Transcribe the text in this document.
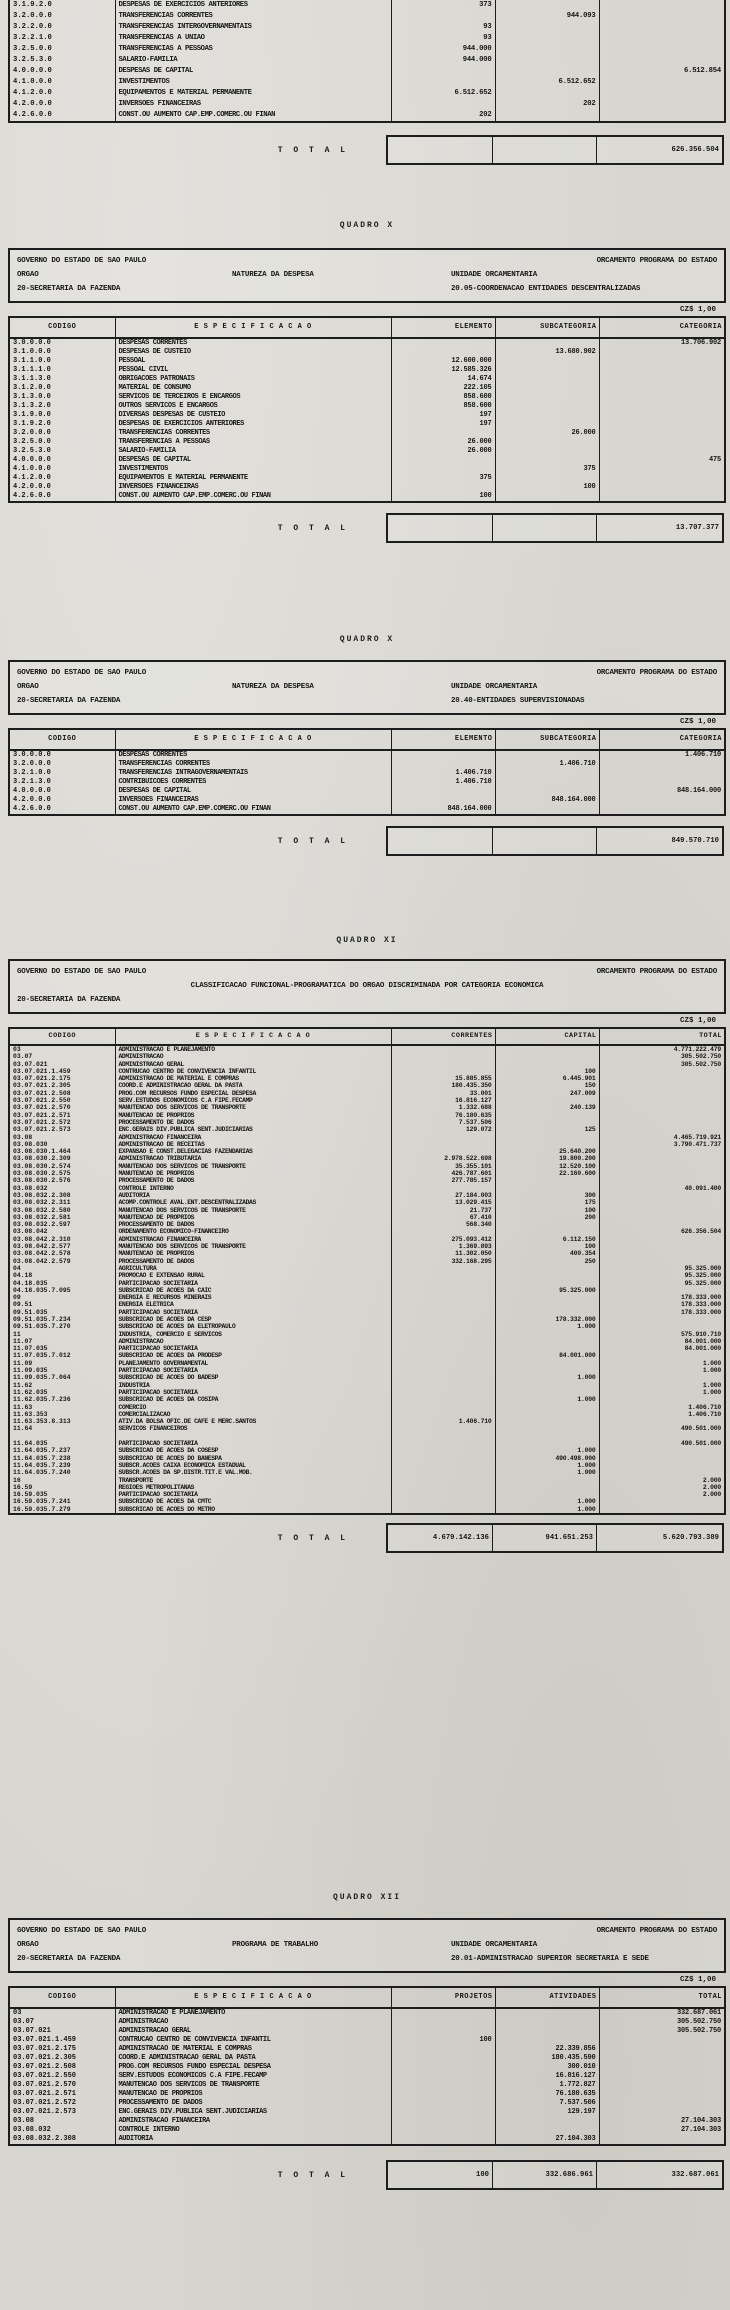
3.1.9.2.0	DESPESAS DE EXERCICIOS ANTERIORES	373		
3.2.0.0.0	TRANSFERENCIAS CORRENTES		944.093	
3.2.2.0.0	TRANSFERENCIAS INTERGOVERNAMENTAIS	93		
3.2.2.1.0	TRANSFERENCIAS A UNIAO	93		
3.2.5.0.0	TRANSFERENCIAS A PESSOAS	944.000		
3.2.5.3.0	SALARIO-FAMILIA	944.000		
4.0.0.0.0	DESPESAS DE CAPITAL			6.512.854
4.1.0.0.0	INVESTIMENTOS		6.512.652	
4.1.2.0.0	EQUIPAMENTOS E MATERIAL PERMANENTE	6.512.652		
4.2.0.0.0	INVERSOES FINANCEIRAS		202	
4.2.6.0.0	CONST.OU AUMENTO CAP.EMP.COMERC.OU FINAN	202		
T O T A L	626.356.504
QUADRO X
GOVERNO DO ESTADO DE SAO PAULO	ORCAMENTO PROGRAMA DO ESTADO
ORGAO	NATUREZA DA DESPESA	UNIDADE ORCAMENTARIA
20-SECRETARIA DA FAZENDA	20.05-COORDENACAO ENTIDADES DESCENTRALIZADAS
CZ$ 1,00
CODIGO	E S P E C I F I C A C A O	ELEMENTO	SUBCATEGORIA	CATEGORIA
3.0.0.0.0	DESPESAS CORRENTES			13.706.902
3.1.0.0.0	DESPESAS DE CUSTEIO		13.680.902	
3.1.1.0.0	PESSOAL	12.600.000		
3.1.1.1.0	PESSOAL CIVIL	12.585.326		
3.1.1.3.0	OBRIGACOES PATRONAIS	14.674		
3.1.2.0.0	MATERIAL DE CONSUMO	222.105		
3.1.3.0.0	SERVICOS DE TERCEIROS E ENCARGOS	858.600		
3.1.3.2.0	OUTROS SERVICOS E ENCARGOS	858.600		
3.1.9.0.0	DIVERSAS DESPESAS DE CUSTEIO	197		
3.1.9.2.0	DESPESAS DE EXERCICIOS ANTERIORES	197		
3.2.0.0.0	TRANSFERENCIAS CORRENTES		26.000	
3.2.5.0.0	TRANSFERENCIAS A PESSOAS	26.000		
3.2.5.3.0	SALARIO-FAMILIA	26.000		
4.0.0.0.0	DESPESAS DE CAPITAL			475
4.1.0.0.0	INVESTIMENTOS		375	
4.1.2.0.0	EQUIPAMENTOS E MATERIAL PERMANENTE	375		
4.2.0.0.0	INVERSOES FINANCEIRAS		100	
4.2.6.0.0	CONST.OU AUMENTO CAP.EMP.COMERC.OU FINAN	100		
T O T A L	13.707.377
QUADRO X
GOVERNO DO ESTADO DE SAO PAULO	ORCAMENTO PROGRAMA DO ESTADO
ORGAO	NATUREZA DA DESPESA	UNIDADE ORCAMENTARIA
20-SECRETARIA DA FAZENDA	20.40-ENTIDADES SUPERVISIONADAS
CZ$ 1,00
CODIGO	E S P E C I F I C A C A O	ELEMENTO	SUBCATEGORIA	CATEGORIA
3.0.0.0.0	DESPESAS CORRENTES			1.406.710
3.2.0.0.0	TRANSFERENCIAS CORRENTES		1.406.710	
3.2.1.0.0	TRANSFERENCIAS INTRAGOVERNAMENTAIS	1.406.710		
3.2.1.3.0	CONTRIBUICOES CORRENTES	1.406.710		
4.0.0.0.0	DESPESAS DE CAPITAL			848.164.000
4.2.0.0.0	INVERSOES FINANCEIRAS		848.164.000	
4.2.6.0.0	CONST.OU AUMENTO CAP.EMP.COMERC.OU FINAN	848.164.000		
T O T A L	849.570.710
QUADRO XI
GOVERNO DO ESTADO DE SAO PAULO	ORCAMENTO PROGRAMA DO ESTADO
CLASSIFICACAO FUNCIONAL-PROGRAMATICA DO ORGAO DISCRIMINADA POR CATEGORIA ECONOMICA
20-SECRETARIA DA FAZENDA
CZ$ 1,00
CODIGO	E S P E C I F I C A C A O	CORRENTES	CAPITAL	TOTAL
03	ADMINISTRACAO E PLANEJAMENTO			4.771.222.479
03.07	ADMINISTRACAO			305.502.750
03.07.021	ADMINISTRACAO GERAL			305.502.750
03.07.021.1.459	CONTRUCAO CENTRO DE CONVIVENCIA INFANTIL		100	
03.07.021.2.175	ADMINISTRACAO DE MATERIAL E COMPRAS	15.885.855	6.445.901	
03.07.021.2.305	COORD.E ADMINISTRACAO GERAL DA PASTA	180.435.350	150	
03.07.021.2.508	PROG.COM RECURSOS FUNDO ESPECIAL DESPESA	33.001	247.009	
03.07.021.2.550	SERV.ESTUDOS ECONOMICOS C.A FIPE.FECAMP	16.816.127		
03.07.021.2.570	MANUTENCAO DOS SERVICOS DE TRANSPORTE	1.332.688	240.139	
03.07.021.2.571	MANUTENCAO DE PROPRIOS	76.180.635		
03.07.021.2.572	PROCESSAMENTO DE DADOS	7.537.506		
03.07.021.2.573	ENC.GERAIS DIV.PUBLICA SENT.JUDICIARIAS	129.072	125	
03.08	ADMINISTRACAO FINANCEIRA			4.465.719.921
03.08.030	ADMINISTRACAO DE RECEITAS			3.790.471.737
03.08.030.1.464	EXPANSAO E CONST.DELEGACIAS FAZENDARIAS		25.640.200	
03.08.030.2.309	ADMINISTRACAO TRIBUTARIA	2.978.522.698	19.800.200	
03.08.030.2.574	MANUTENCAO DOS SERVICOS DE TRANSPORTE	35.355.101	12.520.100	
03.08.030.2.575	MANUTENCAO DE PROPRIOS	426.787.601	22.160.600	
03.08.030.2.576	PROCESSAMENTO DE DADOS	277.785.157		
03.08.032	CONTROLE INTERNO			40.091.400
03.08.032.2.308	AUDITORIA	27.184.003	300	
03.08.032.2.311	ACOMP.CONTROLE AVAL.ENT.DESCENTRALIZADAS	13.029.415	175	
03.08.032.2.580	MANUTENCAO DOS SERVICOS DE TRANSPORTE	21.737	100	
03.08.032.2.581	MANUTENCAO DE PROPRIOS	67.410	200	
03.08.032.2.597	PROCESSAMENTO DE DADOS	568.340		
03.08.042	ORDENAMENTO ECONOMICO-FINANCEIRO			626.356.504
03.08.042.2.310	ADMINISTRACAO FINANCEIRA	275.093.412	6.112.150	
03.08.042.2.577	MANUTENCAO DOS SERVICOS DE TRANSPORTE	1.369.893	100	
03.08.042.2.578	MANUTENCAO DE PROPRIOS	11.302.050	400.354	
03.08.042.2.579	PROCESSAMENTO DE DADOS	332.168.295	250	
04	AGRICULTURA			95.325.000
04.18	PROMOCAO E EXTENSAO RURAL			95.325.000
04.18.035	PARTICIPACAO SOCIETARIA			95.325.000
04.18.035.7.095	SUBSCRICAO DE ACOES DA CAIC		95.325.000	
09	ENERGIA E RECURSOS MINERAIS			178.333.000
09.51	ENERGIA ELETRICA			178.333.000
09.51.035	PARTICIPACAO SOCIETARIA			178.333.000
09.51.035.7.234	SUBSCRICAO DE ACOES DA CESP		178.332.000	
09.51.035.7.270	SUBSCRICAO DE ACOES DA ELETROPAULO		1.000	
11	INDUSTRIA, COMERCIO E SERVICOS			575.910.710
11.07	ADMINISTRACAO			84.001.000
11.07.035	PARTICIPACAO SOCIETARIA			84.001.000
11.07.035.7.012	SUBSCRICAO DE ACOES DA PRODESP		84.001.000	
11.09	PLANEJAMENTO GOVERNAMENTAL			1.000
11.09.035	PARTICIPACAO SOCIETARIA			1.000
11.09.035.7.064	SUBSCRICAO DE ACOES DO BADESP		1.000	
11.62	INDUSTRIA			1.000
11.62.035	PARTICIPACAO SOCIETARIA			1.000
11.62.035.7.236	SUBSCRICAO DE ACOES DA COSIPA		1.000	
11.63	COMERCIO			1.406.710
11.63.353	COMERCIALIZACAO			1.406.710
11.63.353.8.313	ATIV.DA BOLSA OFIC.DE CAFE E MERC.SANTOS	1.406.710		
11.64	SERVICOS FINANCEIROS			490.501.000

11.64.035	PARTICIPACAO SOCIETARIA			490.501.000
11.64.035.7.237	SUBSCRICAO DE ACOES DA COSESP		1.000	
11.64.035.7.238	SUBSCRICAO DE ACOES DO BANESPA		490.498.000	
11.64.035.7.239	SUBSCR.ACOES CAIXA ECONOMICA ESTADUAL		1.000	
11.64.035.7.240	SUBSCR.ACOES DA SP.DISTR.TIT.E VAL.MOB.		1.000	
16	TRANSPORTE			2.000
16.59	REGIOES METROPOLITANAS			2.000
16.59.035	PARTICIPACAO SOCIETARIA			2.000
16.59.035.7.241	SUBSCRICAO DE ACOES DA CMTC		1.000	
16.59.035.7.279	SUBSCRICAO DE ACOES DO METRO		1.000	
T O T A L	4.679.142.136	941.651.253	5.620.793.389
QUADRO XII
GOVERNO DO ESTADO DE SAO PAULO	ORCAMENTO PROGRAMA DO ESTADO
ORGAO	PROGRAMA DE TRABALHO	UNIDADE ORCAMENTARIA
20-SECRETARIA DA FAZENDA	20.01-ADMINISTRACAO SUPERIOR SECRETARIA E SEDE
CZ$ 1,00
CODIGO	E S P E C I F I C A C A O	PROJETOS	ATIVIDADES	TOTAL
03	ADMINISTRACAO E PLANEJAMENTO			332.687.061
03.07	ADMINISTRACAO			305.502.750
03.07.021	ADMINISTRACAO GERAL			305.502.750
03.07.021.1.459	CONTRUCAO CENTRO DE CONVIVENCIA INFANTIL	100		
03.07.021.2.175	ADMINISTRACAO DE MATERIAL E COMPRAS		22.339.856	
03.07.021.2.305	COORD.E ADMINISTRACAO GERAL DA PASTA		180.435.590	
03.07.021.2.508	PROG.COM RECURSOS FUNDO ESPECIAL DESPESA		300.010	
03.07.021.2.550	SERV.ESTUDOS ECONOMICOS C.A FIPE.FECAMP		16.816.127	
03.07.021.2.570	MANUTENCAO DOS SERVICOS DE TRANSPORTE		1.772.827	
03.07.021.2.571	MANUTENCAO DE PROPRIOS		76.180.635	
03.07.021.2.572	PROCESSAMENTO DE DADOS		7.537.506	
03.07.021.2.573	ENC.GERAIS DIV.PUBLICA SENT.JUDICIARIAS		129.197	
03.08	ADMINISTRACAO FINANCEIRA			27.104.303
03.08.032	CONTROLE INTERNO			27.104.303
03.08.032.2.308	AUDITORIA		27.104.303	
T O T A L	100	332.686.961	332.687.061
